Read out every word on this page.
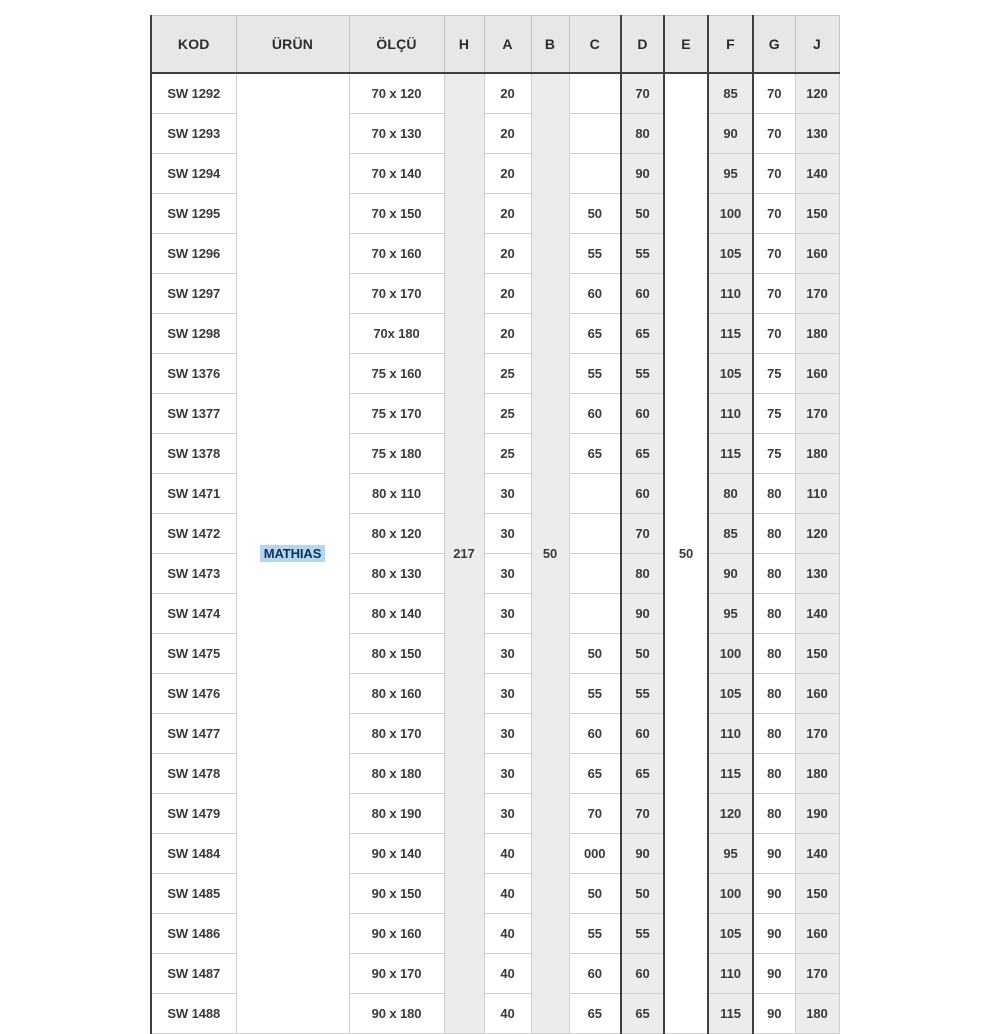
KOD	ÜRÜN	ÖLÇÜ	H	A	B	C	D	E	F	G	J
SW 1292	MATHIAS	70 x 120	217	20	50		70	50	85	70	120
SW 1293		70 x 130		20			80		90	70	130
SW 1294		70 x 140		20			90		95	70	140
SW 1295		70 x 150		20		50	50		100	70	150
SW 1296		70 x 160		20		55	55		105	70	160
SW 1297		70 x 170		20		60	60		110	70	170
SW 1298		70x 180		20		65	65		115	70	180
SW 1376		75 x 160		25		55	55		105	75	160
SW 1377		75 x 170		25		60	60		110	75	170
SW 1378		75 x 180		25		65	65		115	75	180
SW 1471		80 x 110		30			60		80	80	110
SW 1472		80 x 120		30			70		85	80	120
SW 1473		80 x 130		30			80		90	80	130
SW 1474		80 x 140		30			90		95	80	140
SW 1475		80 x 150		30		50	50		100	80	150
SW 1476		80 x 160		30		55	55		105	80	160
SW 1477		80 x 170		30		60	60		110	80	170
SW 1478		80 x 180		30		65	65		115	80	180
SW 1479		80 x 190		30		70	70		120	80	190
SW 1484		90 x 140		40		000	90		95	90	140
SW 1485		90 x 150		40		50	50		100	90	150
SW 1486		90 x 160		40		55	55		105	90	160
SW 1487		90 x 170		40		60	60		110	90	170
SW 1488		90 x 180		40		65	65		115	90	180
